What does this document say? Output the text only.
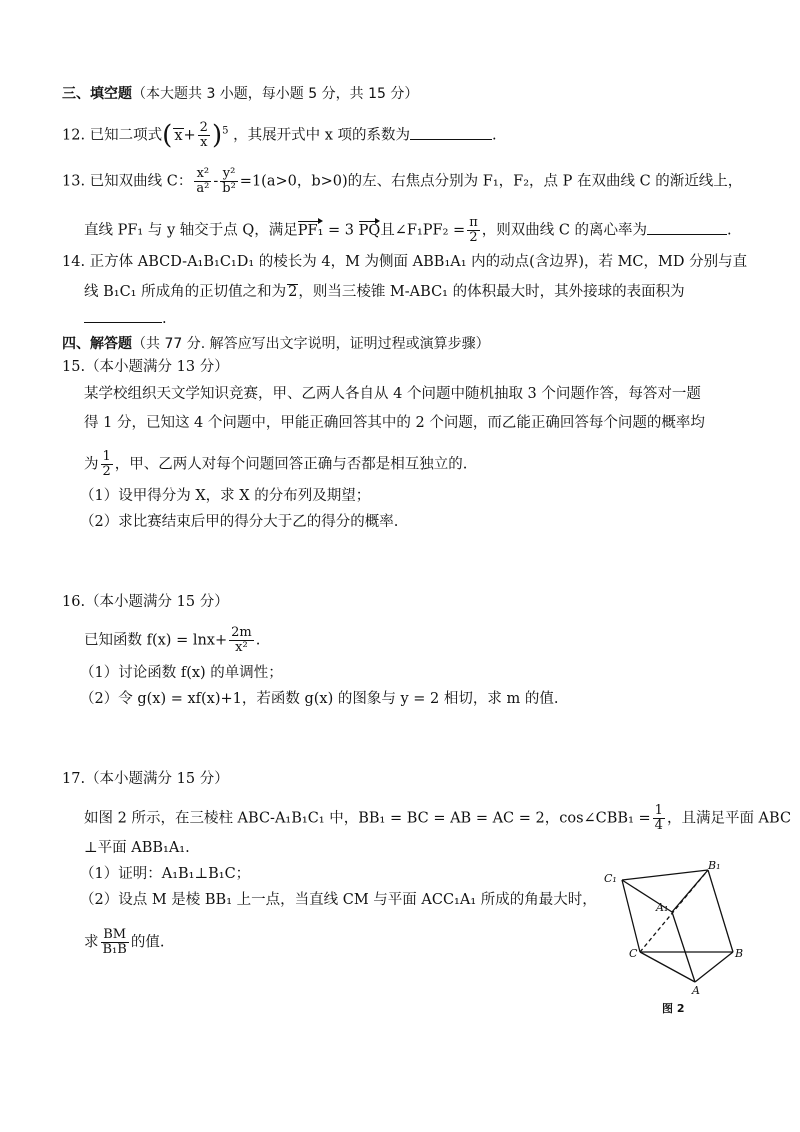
三、填空题（本大题共 3 小题，每小题 5 分，共 15 分）
12. 已知二项式( $x+ \frac{2}{x} )^5$ ，其展开式中 x 项的系数为	.
13. 已知双曲线 C： $\frac{\text{x²}}{\text{a²}} - \frac{\text{y²}}{\text{b²}} =1(a>0$，b>0)的左、右焦点分别为 F₁，F₂，点 P 在双曲线 C 的渐近线上，
直线 PF₁ 与 y 轴交于点 Q，满足PF₁ = 3 PQ且∠F₁PF₂ = $\frac{\pi}{2}$ ，则双曲线 C 的离心率为	.
14. 正方体 ABCD-A₁B₁C₁D₁ 的棱长为 4，M 为侧面 ABB₁A₁ 内的动点(含边界)，若 MC，MD 分别与直
线 B₁C₁ 所成角的正切值之和为 2，则当三棱锥 M-ABC₁ 的体积最大时，其外接球的表面积为
.
四、解答题（共 77 分. 解答应写出文字说明，证明过程或演算步骤）
15.（本小题满分 13 分）
某学校组织天文学知识竞赛，甲、乙两人各自从 4 个问题中随机抽取 3 个问题作答，每答对一题
得 1 分，已知这 4 个问题中，甲能正确回答其中的 2 个问题，而乙能正确回答每个问题的概率均
为 $\frac{1}{2}$ ，甲、乙两人对每个问题回答正确与否都是相互独立的.
（1）设甲得分为 X，求 X 的分布列及期望；
（2）求比赛结束后甲的得分大于乙的得分的概率.
16.（本小题满分 15 分）
已知函数 $f(x) = \ln x+ \frac{2m}{\text{x²}}$ .
（1）讨论函数 f(x) 的单调性；
（2）令 g(x) = xf(x)+1，若函数 g(x) 的图象与 y = 2 相切，求 m 的值.
17.（本小题满分 15 分）
如图 2 所示，在三棱柱 ABC-A₁B₁C₁ 中，BB₁ = BC = AB = AC = 2，cos∠CBB₁ = $\frac{1}{4}$ ，且满足平面 ABC
⊥平面 ABB₁A₁.
（1）证明：A₁B₁⊥B₁C；
（2）设点 M 是棱 BB₁ 上一点，当直线 CM 与平面 ACC₁A₁ 所成的角最大时，
求 $\frac{BM}{\text{B₁B}}$ 的值.
C₁
B₁
A₁
C	B
A
图 2
